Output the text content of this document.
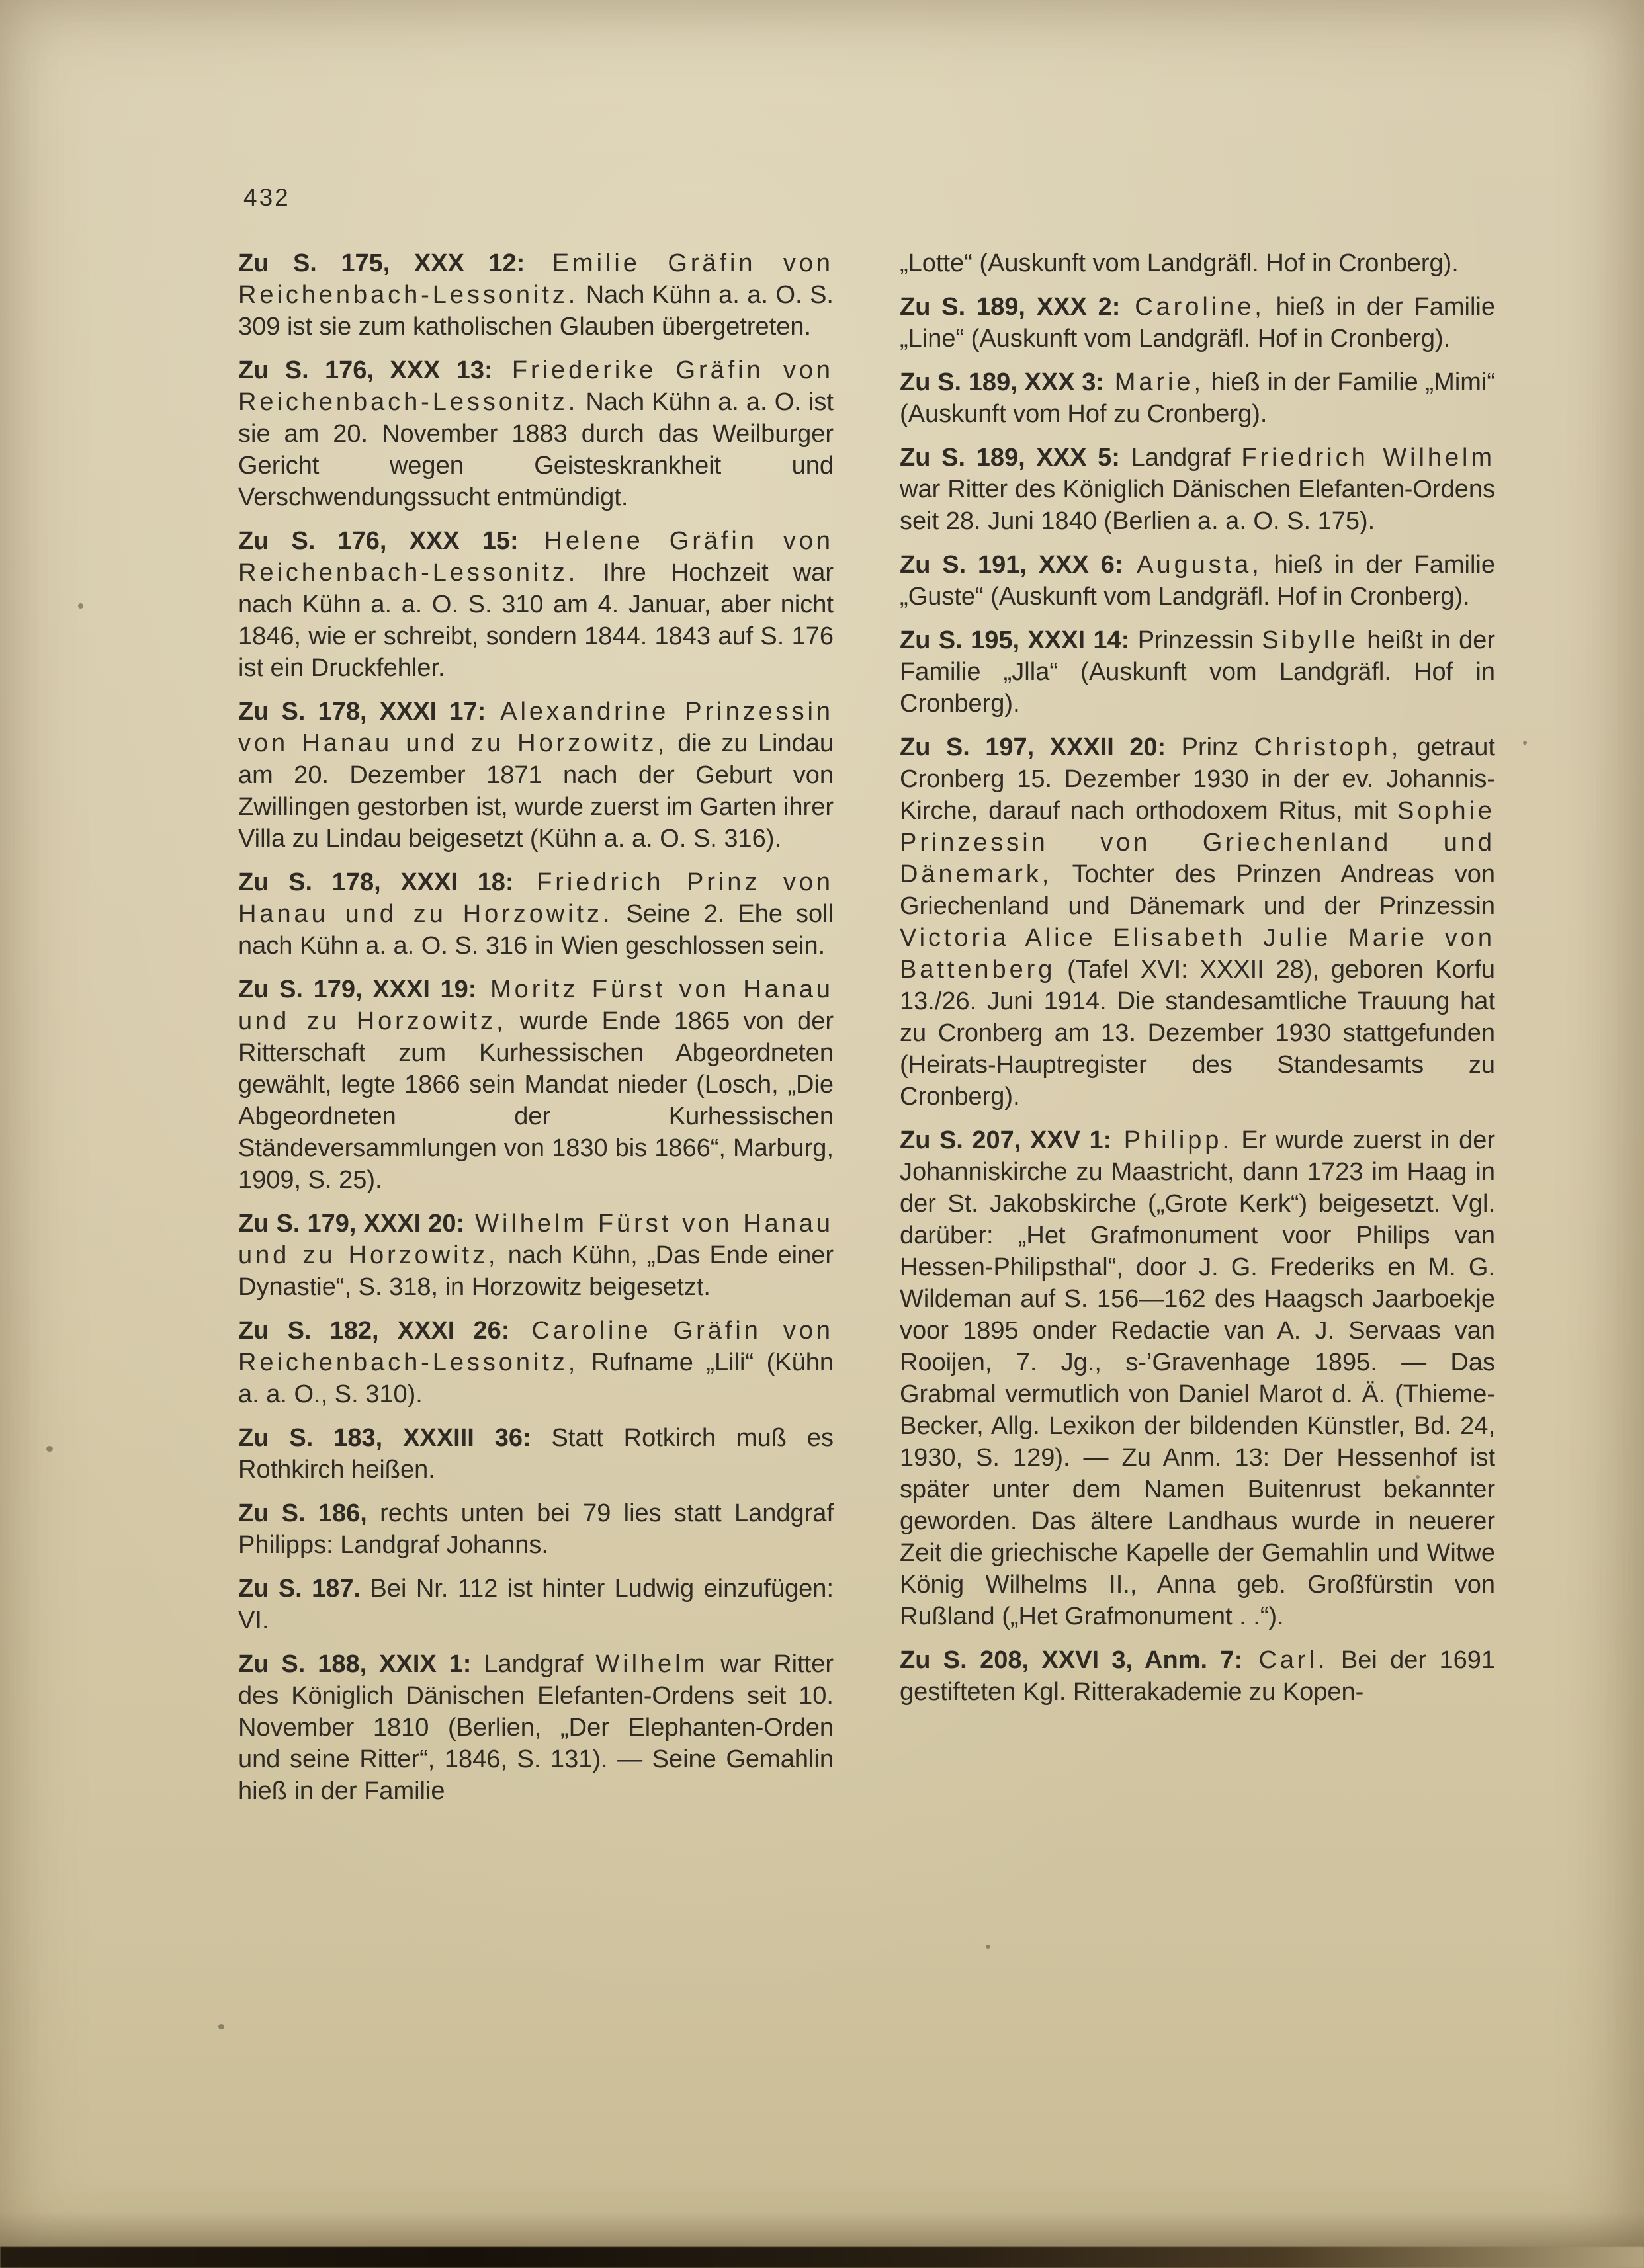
432

Zu S. 175, XXX 12: Emilie Gräfin von Reichenbach-Lessonitz. Nach Kühn a. a. O. S. 309 ist sie zum katholischen Glauben übergetreten.

Zu S. 176, XXX 13: Friederike Gräfin von Reichenbach-Lessonitz. Nach Kühn a. a. O. ist sie am 20. November 1883 durch das Weilburger Gericht wegen Geisteskrankheit und Verschwendungssucht entmündigt.

Zu S. 176, XXX 15: Helene Gräfin von Reichenbach-Lessonitz. Ihre Hochzeit war nach Kühn a. a. O. S. 310 am 4. Januar, aber nicht 1846, wie er schreibt, sondern 1844. 1843 auf S. 176 ist ein Druckfehler.

Zu S. 178, XXXI 17: Alexandrine Prinzessin von Hanau und zu Horzowitz, die zu Lindau am 20. Dezember 1871 nach der Geburt von Zwillingen gestorben ist, wurde zuerst im Garten ihrer Villa zu Lindau beigesetzt (Kühn a. a. O. S. 316).

Zu S. 178, XXXI 18: Friedrich Prinz von Hanau und zu Horzowitz. Seine 2. Ehe soll nach Kühn a. a. O. S. 316 in Wien geschlossen sein.

Zu S. 179, XXXI 19: Moritz Fürst von Hanau und zu Horzowitz, wurde Ende 1865 von der Ritterschaft zum Kurhessischen Abgeordneten gewählt, legte 1866 sein Mandat nieder (Losch, „Die Abgeordneten der Kurhessischen Ständeversammlungen von 1830 bis 1866“, Marburg, 1909, S. 25).

Zu S. 179, XXXI 20: Wilhelm Fürst von Hanau und zu Horzowitz, nach Kühn, „Das Ende einer Dynastie“, S. 318, in Horzowitz beigesetzt.

Zu S. 182, XXXI 26: Caroline Gräfin von Reichenbach-Lessonitz, Rufname „Lili“ (Kühn a. a. O., S. 310).

Zu S. 183, XXXIII 36: Statt Rotkirch muß es Rothkirch heißen.

Zu S. 186, rechts unten bei 79 lies statt Landgraf Philipps: Landgraf Johanns.

Zu S. 187. Bei Nr. 112 ist hinter Ludwig einzufügen: VI.

Zu S. 188, XXIX 1: Landgraf Wilhelm war Ritter des Königlich Dänischen Elefanten-Ordens seit 10. November 1810 (Berlien, „Der Elephanten-Orden und seine Ritter“, 1846, S. 131). — Seine Gemahlin hieß in der Familie

„Lotte“ (Auskunft vom Landgräfl. Hof in Cronberg).

Zu S. 189, XXX 2: Caroline, hieß in der Familie „Line“ (Auskunft vom Landgräfl. Hof in Cronberg).

Zu S. 189, XXX 3: Marie, hieß in der Familie „Mimi“ (Auskunft vom Hof zu Cronberg).

Zu S. 189, XXX 5: Landgraf Friedrich Wilhelm war Ritter des Königlich Dänischen Elefanten-Ordens seit 28. Juni 1840 (Berlien a. a. O. S. 175).

Zu S. 191, XXX 6: Augusta, hieß in der Familie „Guste“ (Auskunft vom Landgräfl. Hof in Cronberg).

Zu S. 195, XXXI 14: Prinzessin Sibylle heißt in der Familie „Jlla“ (Auskunft vom Landgräfl. Hof in Cronberg).

Zu S. 197, XXXII 20: Prinz Christoph, getraut Cronberg 15. Dezember 1930 in der ev. Johannis-Kirche, darauf nach orthodoxem Ritus, mit Sophie Prinzessin von Griechenland und Dänemark, Tochter des Prinzen Andreas von Griechenland und Dänemark und der Prinzessin Victoria Alice Elisabeth Julie Marie von Battenberg (Tafel XVI: XXXII 28), geboren Korfu 13./26. Juni 1914. Die standesamtliche Trauung hat zu Cronberg am 13. Dezember 1930 stattgefunden (Heirats-Hauptregister des Standesamts zu Cronberg).

Zu S. 207, XXV 1: Philipp. Er wurde zuerst in der Johanniskirche zu Maastricht, dann 1723 im Haag in der St. Jakobskirche („Grote Kerk“) beigesetzt. Vgl. darüber: „Het Grafmonument voor Philips van Hessen-Philipsthal“, door J. G. Frederiks en M. G. Wildeman auf S. 156—162 des Haagsch Jaarboekje voor 1895 onder Redactie van A. J. Servaas van Rooijen, 7. Jg., s-’Gravenhage 1895. — Das Grabmal vermutlich von Daniel Marot d. Ä. (Thieme-Becker, Allg. Lexikon der bildenden Künstler, Bd. 24, 1930, S. 129). — Zu Anm. 13: Der Hessenhof ist später unter dem Namen Buitenrust bekannter geworden. Das ältere Landhaus wurde in neuerer Zeit die griechische Kapelle der Gemahlin und Witwe König Wilhelms II., Anna geb. Großfürstin von Rußland („Het Grafmonument . .“).

Zu S. 208, XXVI 3, Anm. 7: Carl. Bei der 1691 gestifteten Kgl. Ritterakademie zu Kopen-
